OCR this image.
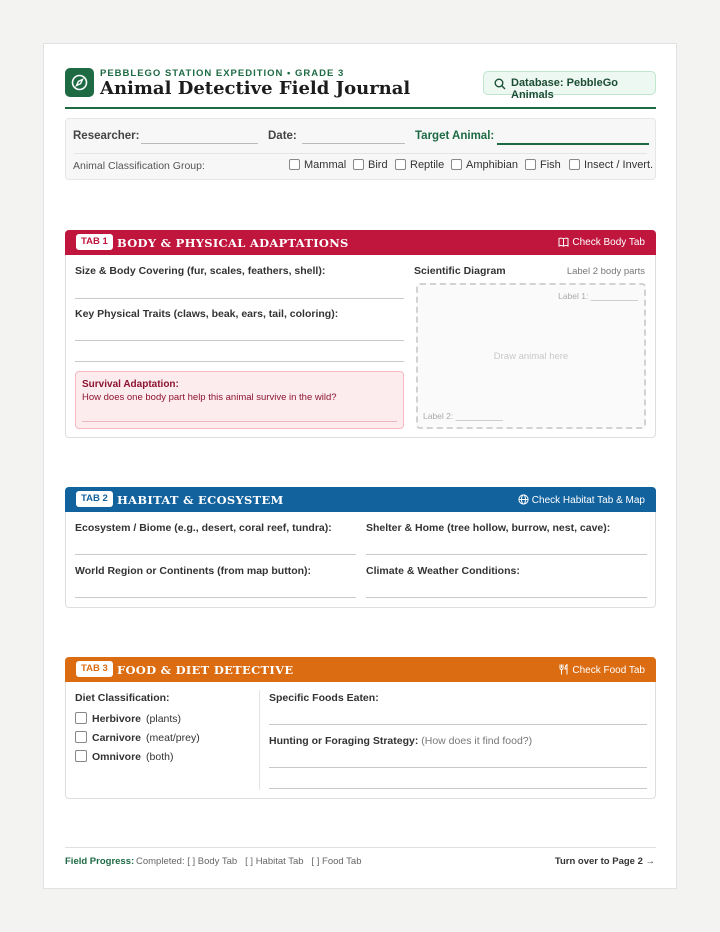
PEBBLEGO STATION EXPEDITION • GRADE 3
Animal Detective Field Journal	Database: PebbleGo Animals
Researcher:	Date:	Target Animal:
Animal Classification Group:	Mammal	Bird	Reptile	Amphibian	Fish	Insect / Invert.
TAB 1 BODY & PHYSICAL ADAPTATIONS	Check Body Tab
Size & Body Covering (fur, scales, feathers, shell):
Key Physical Traits (claws, beak, ears, tail, coloring):
Survival Adaptation:
How does one body part help this animal survive in the wild?
Scientific Diagram	Label 2 body parts
Label 1: __________
Draw animal here
Label 2: __________
TAB 2 HABITAT & ECOSYSTEM	Check Habitat Tab & Map
Ecosystem / Biome (e.g., desert, coral reef, tundra):	Shelter & Home (tree hollow, burrow, nest, cave):
World Region or Continents (from map button):	Climate & Weather Conditions:
TAB 3 FOOD & DIET DETECTIVE	Check Food Tab
Diet Classification:
Herbivore (plants)
Carnivore (meat/prey)
Omnivore (both)
Specific Foods Eaten:
Hunting or Foraging Strategy: (How does it find food?)
Field Progress: Completed: [ ] Body Tab   [ ] Habitat Tab   [ ] Food Tab	Turn over to Page 2 →
